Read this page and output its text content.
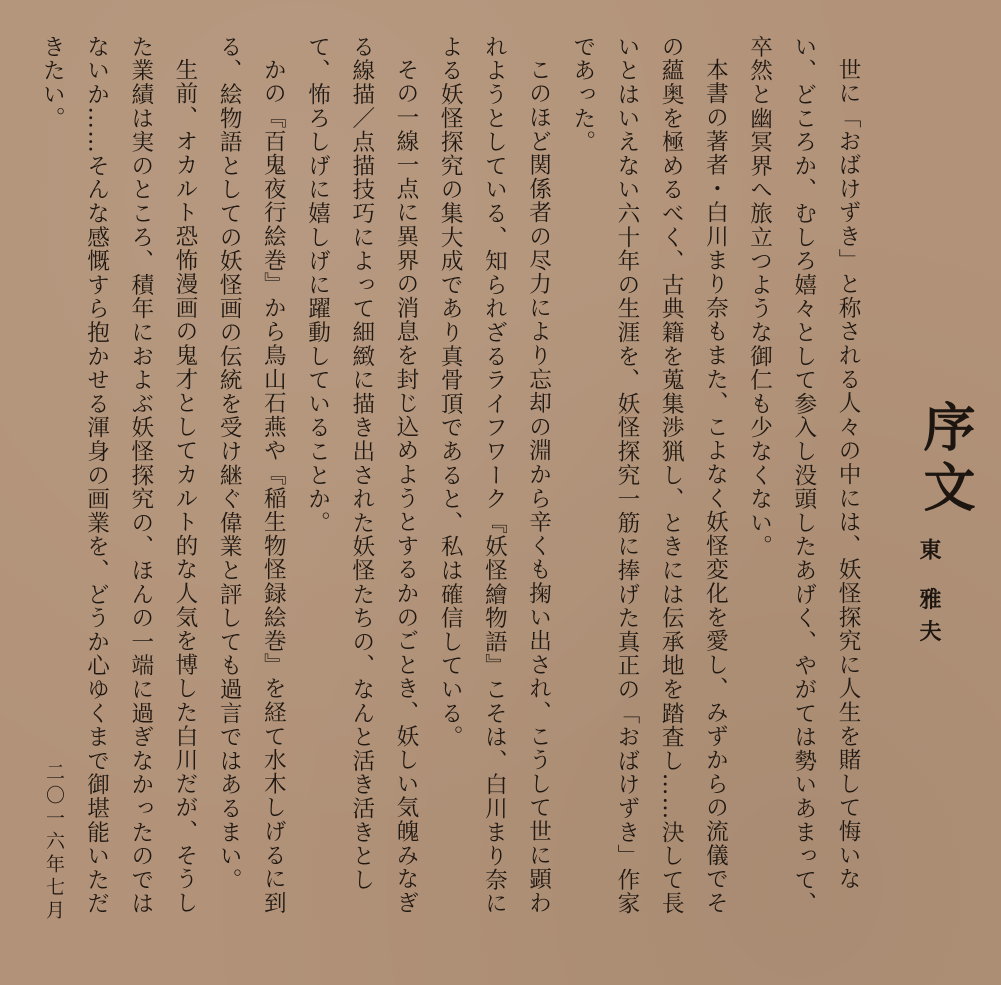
序文
東 雅夫

世に「おばけずき」と称される人々の中には、妖怪探究に人生を賭して悔いない、どころか、むしろ嬉々として参入し没頭したあげく、やがては勢いあまって、卒然と幽冥界へ旅立つような御仁も少なくない。

本書の著者・白川まり奈もまた、こよなく妖怪変化を愛し、みずからの流儀でその蘊奥を極めるべく、古典籍を蒐集渉猟し、ときには伝承地を踏査し……決して長いとはいえない六十年の生涯を、妖怪探究一筋に捧げた真正の「おばけずき」作家であった。

このほど関係者の尽力により忘却の淵から辛くも掬い出され、こうして世に顕われようとしている、知られざるライフワーク『妖怪繪物語』こそは、白川まり奈による妖怪探究の集大成であり真骨頂であると、私は確信している。

その一線一点に異界の消息を封じ込めようとするかのごとき、妖しい気魄みなぎる線描／点描技巧によって細緻に描き出された妖怪たちの、なんと活き活きとして、怖ろしげに嬉しげに躍動していることか。

かの『百鬼夜行絵巻』から鳥山石燕や『稲生物怪録絵巻』を経て水木しげるに到る、絵物語としての妖怪画の伝統を受け継ぐ偉業と評しても過言ではあるまい。

生前、オカルト恐怖漫画の鬼才としてカルト的な人気を博した白川だが、そうした業績は実のところ、積年におよぶ妖怪探究の、ほんの一端に過ぎなかったのではないか……そんな感慨すら抱かせる渾身の画業を、どうか心ゆくまで御堪能いただきたい。

二〇一六年七月
